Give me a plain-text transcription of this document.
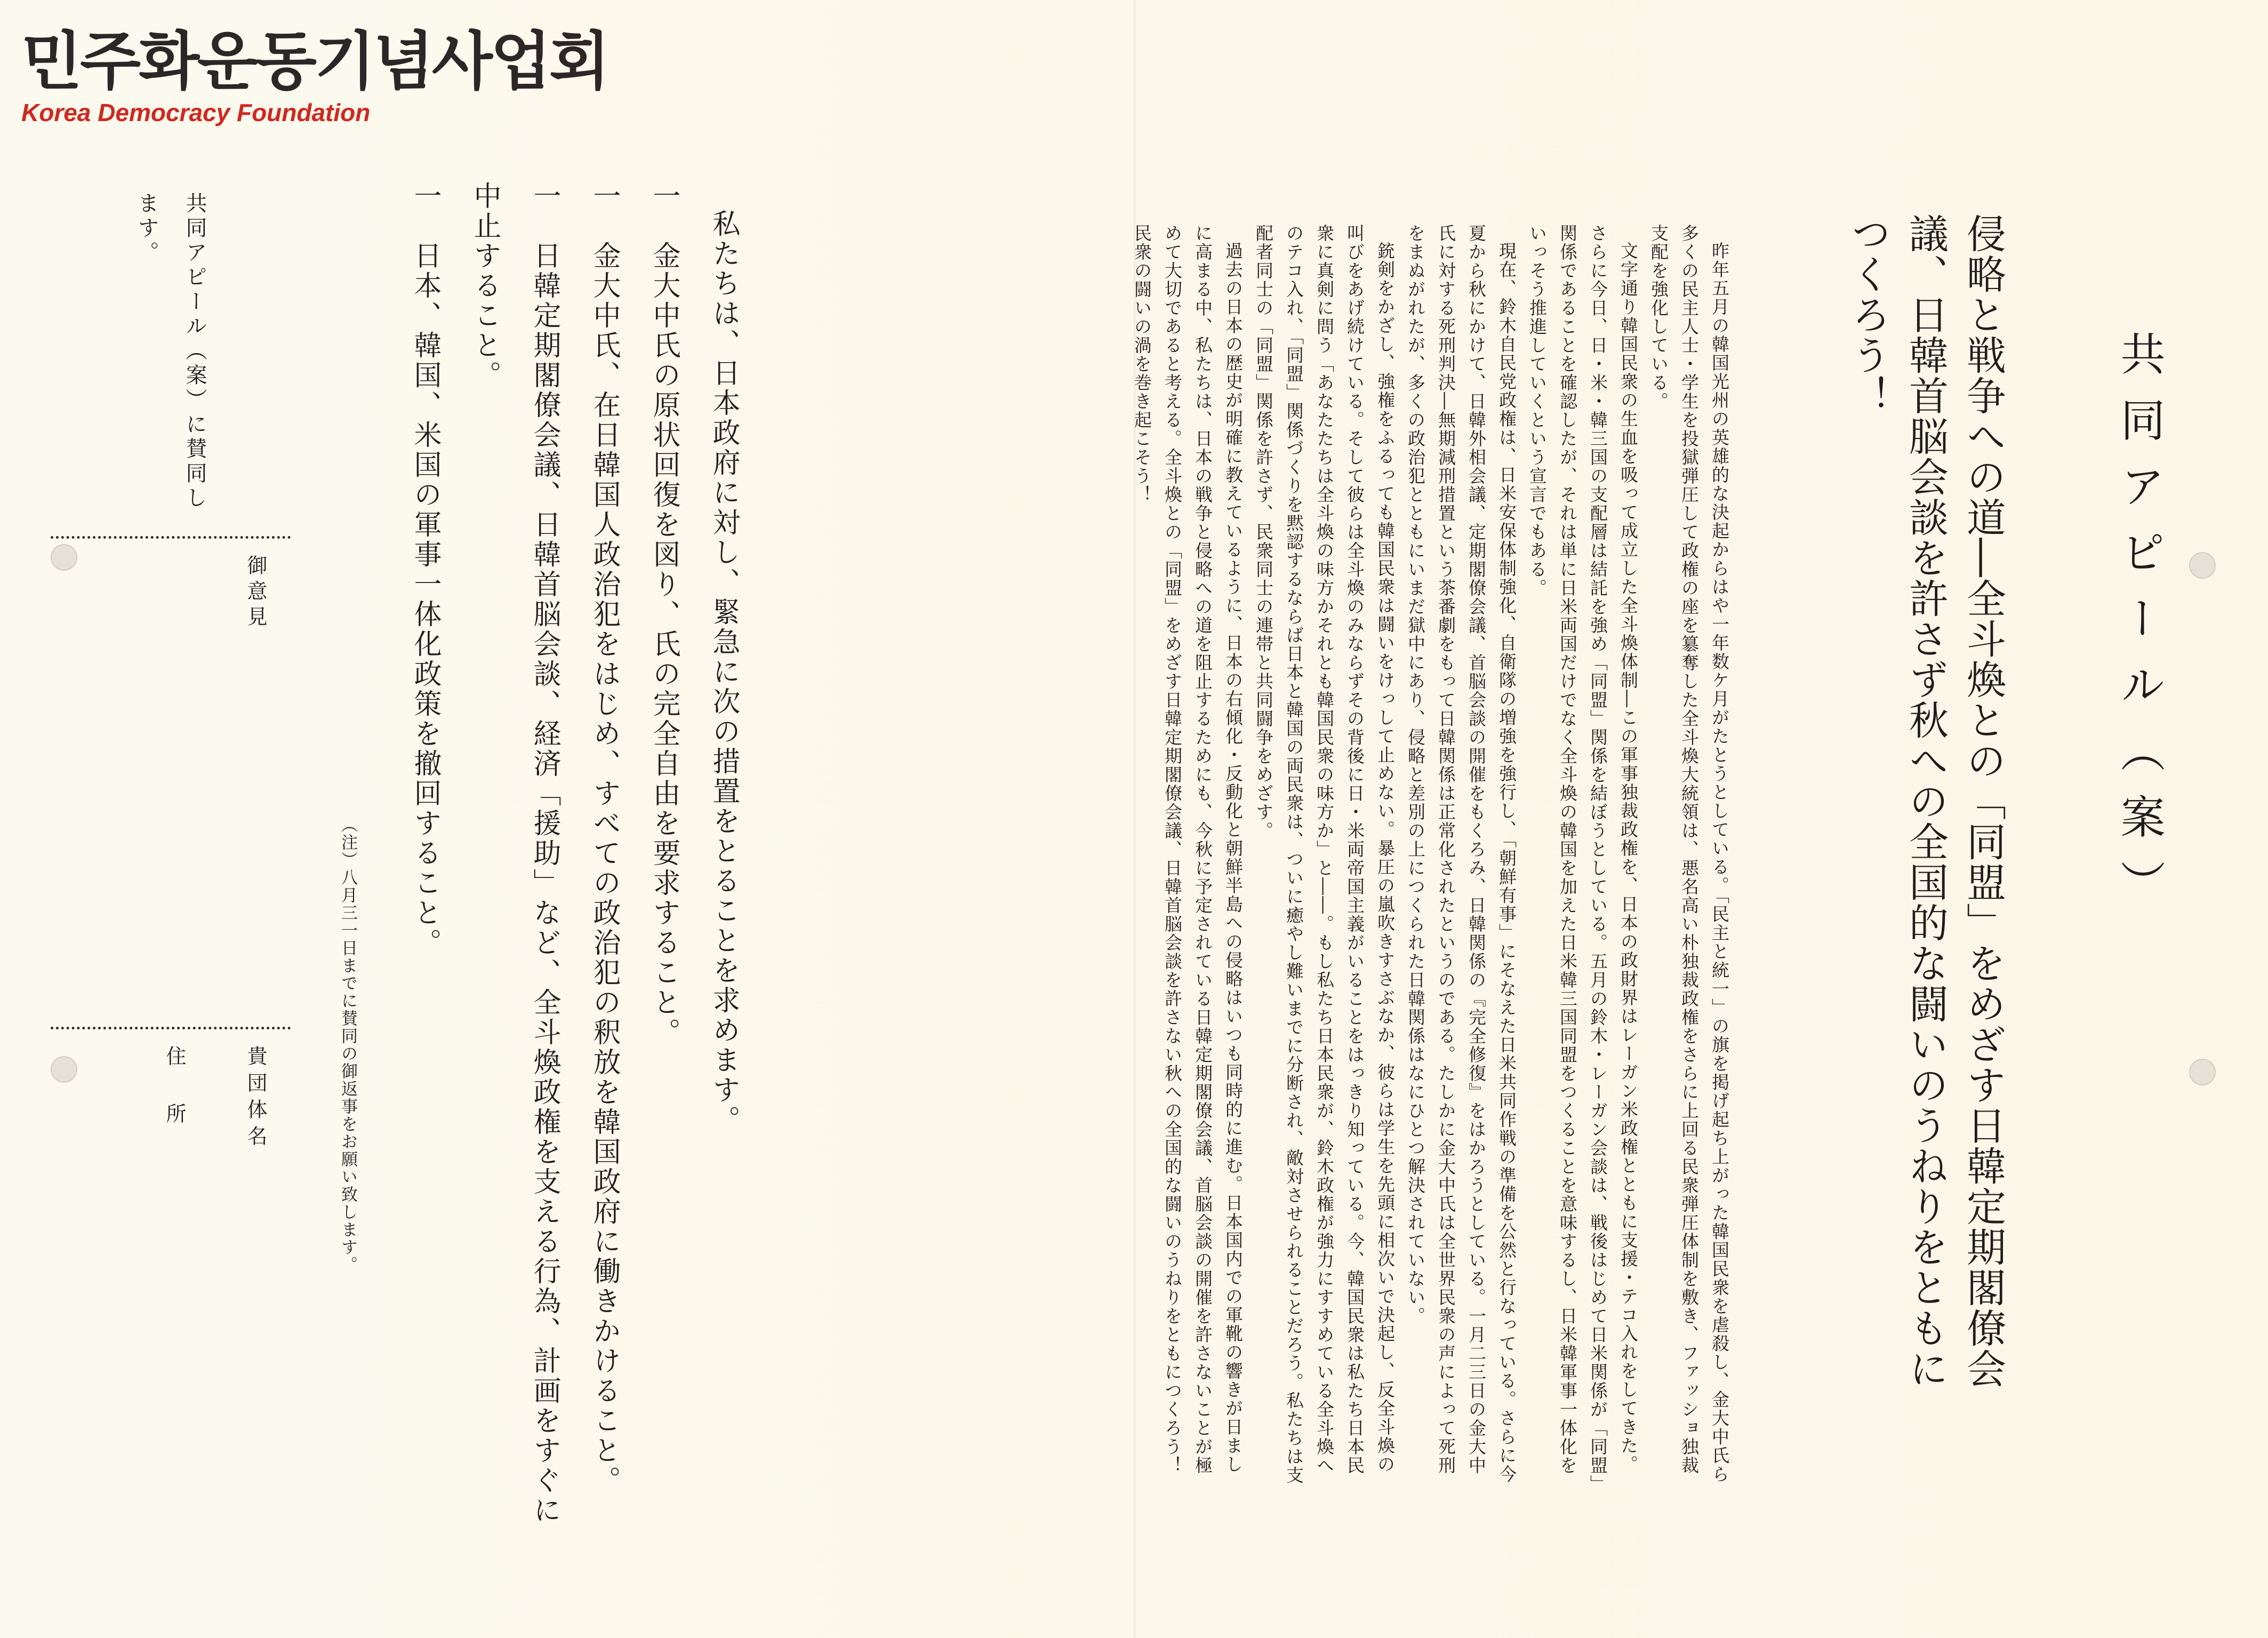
민주화운동기념사업회
Korea Democracy Foundation
共同アピール（案）
侵略と戦争への道―全斗煥との「同盟」をめざす日韓定期閣僚会議、日韓首脳会談を許さず秋への全国的な闘いのうねりをともにつくろう！

昨年五月の韓国光州の英雄的な決起からはや一年数ケ月がたとうとしている。「民主と統一」の旗を掲げ起ち上がった韓国民衆を虐殺し、金大中氏ら多くの民主人士・学生を投獄弾圧して政権の座を簒奪した全斗煥大統領は、悪名高い朴独裁政権をさらに上回る民衆弾圧体制を敷き、ファッショ独裁支配を強化している。

文字通り韓国民衆の生血を吸って成立した全斗煥体制―この軍事独裁政権を、日本の政財界はレーガン米政権とともに支援・テコ入れをしてきた。さらに今日、日・米・韓三国の支配層は結託を強め「同盟」関係を結ぼうとしている。五月の鈴木・レーガン会談は、戦後はじめて日米関係が「同盟」関係であることを確認したが、それは単に日米両国だけでなく全斗煥の韓国を加えた日米韓三国同盟をつくることを意味するし、日米韓軍事一体化をいっそう推進していくという宣言でもある。

現在、鈴木自民党政権は、日米安保体制強化、自衛隊の増強を強行し、「朝鮮有事」にそなえた日米共同作戦の準備を公然と行なっている。さらに今夏から秋にかけて、日韓外相会議、定期閣僚会議、首脳会談の開催をもくろみ、日韓関係の『完全修復』をはかろうとしている。一月二三日の金大中氏に対する死刑判決―無期減刑措置という茶番劇をもって日韓関係は正常化されたというのである。たしかに金大中氏は全世界民衆の声によって死刑をまぬがれたが、多くの政治犯とともにいまだ獄中にあり、侵略と差別の上につくられた日韓関係はなにひとつ解決されていない。

銃剣をかざし、強権をふるっても韓国民衆は闘いをけっして止めない。暴圧の嵐吹きすさぶなか、彼らは学生を先頭に相次いで決起し、反全斗煥の叫びをあげ続けている。そして彼らは全斗煥のみならずその背後に日・米両帝国主義がいることをはっきり知っている。今、韓国民衆は私たち日本民衆に真剣に問う「あなたたちは全斗煥の味方かそれとも韓国民衆の味方か」と――。もし私たち日本民衆が、鈴木政権が強力にすすめている全斗煥へのテコ入れ、「同盟」関係づくりを黙認するならば日本と韓国の両民衆は、ついに癒やし難いまでに分断され、敵対させられることだろう。私たちは支配者同士の「同盟」関係を許さず、民衆同士の連帯と共同闘争をめざす。

過去の日本の歴史が明確に教えているように、日本の右傾化・反動化と朝鮮半島への侵略はいつも同時的に進む。日本国内での軍靴の響きが日ましに高まる中、私たちは、日本の戦争と侵略への道を阻止するためにも、今秋に予定されている日韓定期閣僚会議、首脳会談の開催を許さないことが極めて大切であると考える。全斗煥との「同盟」をめざす日韓定期閣僚会議、日韓首脳会談を許さない秋への全国的な闘いのうねりをともにつくろう！民衆の闘いの渦を巻き起こそう！

私たちは、日本政府に対し、緊急に次の措置をとることを求めます。

一　金大中氏の原状回復を図り、氏の完全自由を要求すること。

一　金大中氏、在日韓国人政治犯をはじめ、すべての政治犯の釈放を韓国政府に働きかけること。

一　日韓定期閣僚会議、日韓首脳会談、経済「援助」など、全斗煥政権を支える行為、計画をすぐに中止すること。

一　日本、韓国、米国の軍事一体化政策を撤回すること。

（注）八月三一日までに賛同の御返事をお願い致します。
共同アピール（案）に賛同します。
御意見
貴団体名
住所
